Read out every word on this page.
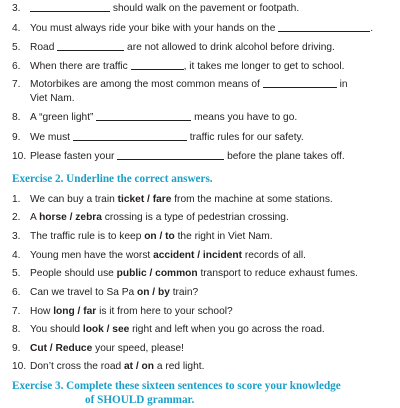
3.	should walk on the pavement or footpath.
4. You must always ride your bike with your hands on the	.
5. Road	are not allowed to drink alcohol before driving.
6. When there are traffic	, it takes me longer to get to school.
7. Motorbikes are among the most common means of	in
Viet Nam.
8. A “green light”	means you have to go.
9. We must	traffic rules for our safety.
10. Please fasten your	before the plane takes off.
Exercise 2. Underline the correct answers.
1. We can buy a train ticket / fare from the machine at some stations.
2. A horse / zebra crossing is a type of pedestrian crossing.
3. The traffic rule is to keep on / to the right in Viet Nam.
4. Young men have the worst accident / incident records of all.
5. People should use public / common transport to reduce exhaust fumes.
6. Can we travel to Sa Pa on / by train?
7. How long / far is it from here to your school?
8. You should look / see right and left when you go across the road.
9. Cut / Reduce your speed, please!
10. Don’t cross the road at / on a red light.
Exercise 3. Complete these sixteen sentences to score your knowledge
of SHOULD grammar.
